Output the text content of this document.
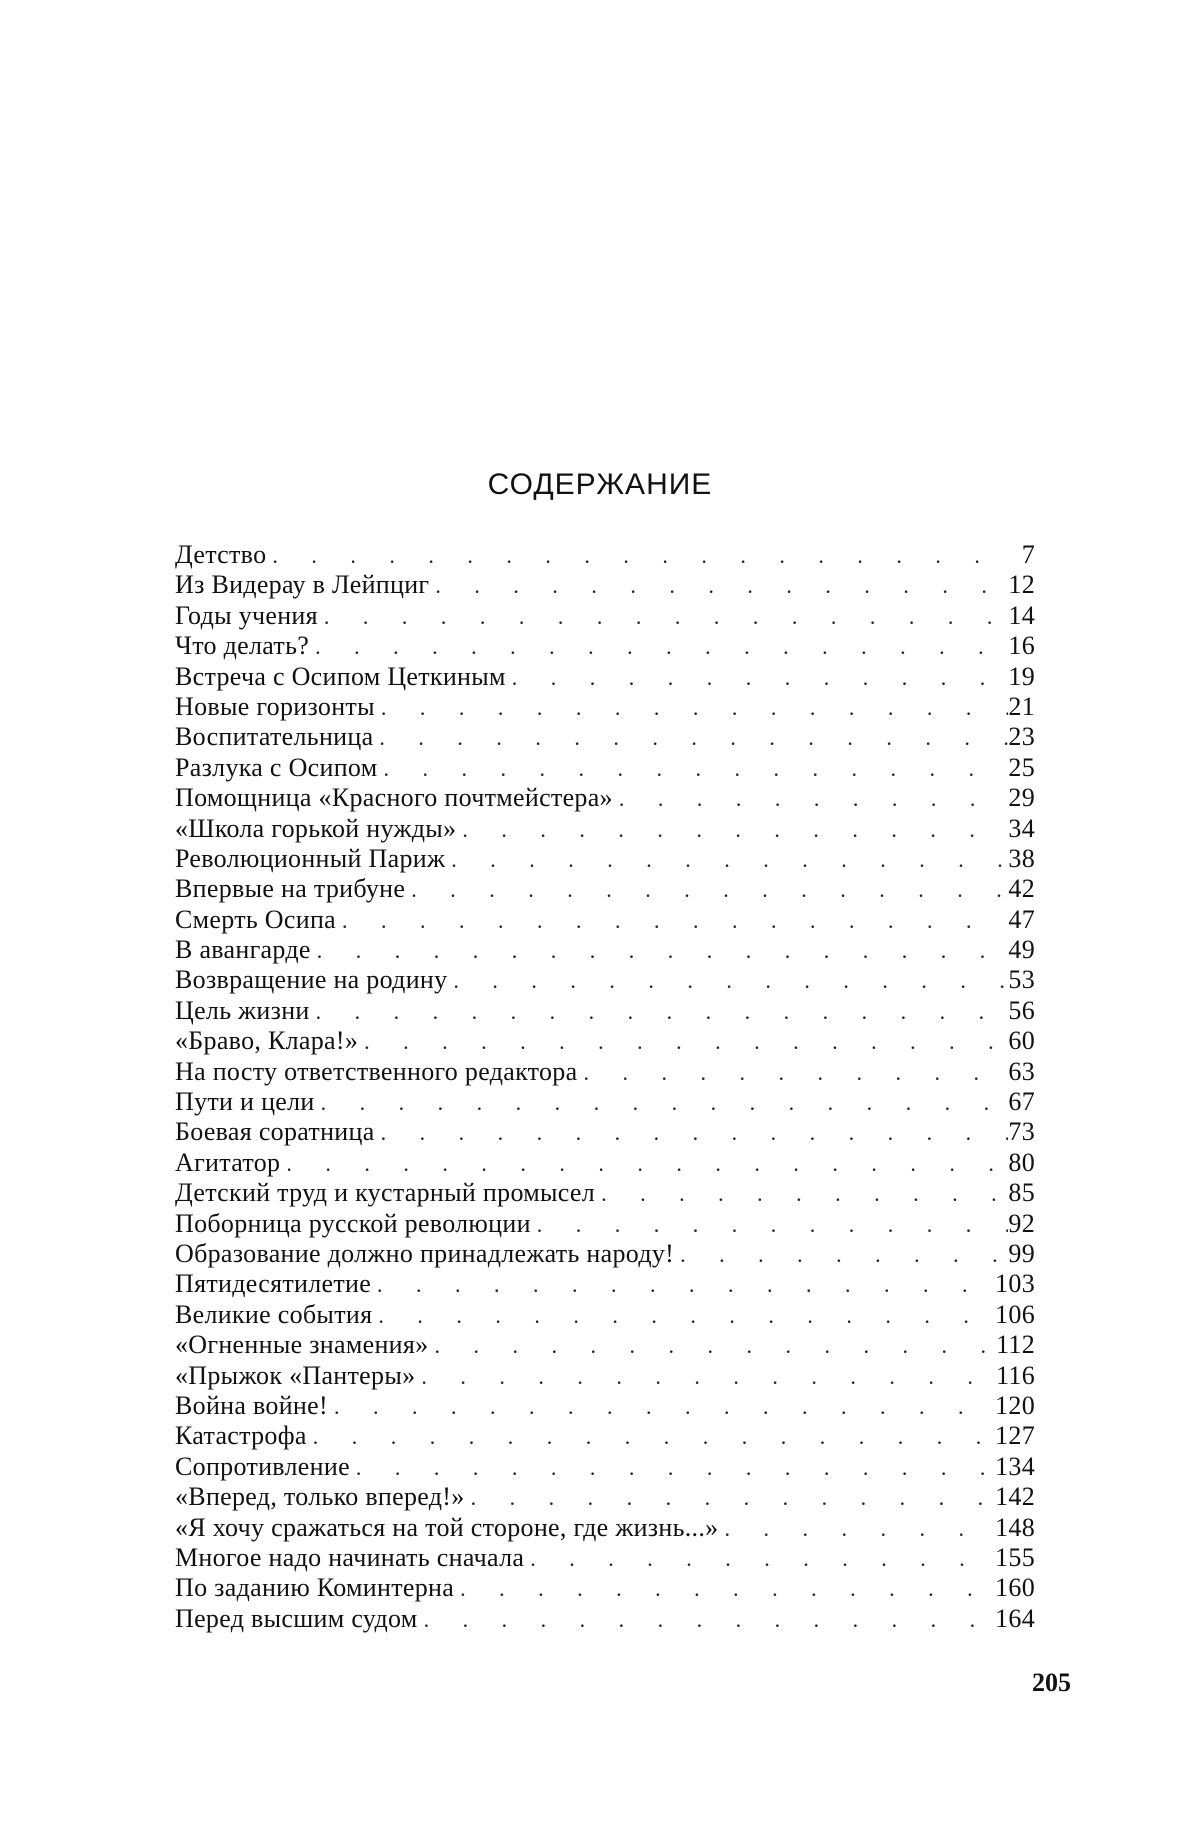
СОДЕРЖАНИЕ
Детство . . .	7
Из Видерау в Лейпциг . . .	12
Годы учения . . .	14
Что делать? . . .	16
Встреча с Осипом Цеткиным . . .	19
Новые горизонты . . .	21
Воспитательница . . .	23
Разлука с Осипом . . .	25
Помощница «Красного почтмейстера» . . .	29
«Школа горькой нужды» . . .	34
Революционный Париж . . .	38
Впервые на трибуне . . .	42
Смерть Осипа . . .	47
В авангарде . . .	49
Возвращение на родину . . .	53
Цель жизни . . .	56
«Браво, Клара!» . . .	60
На посту ответственного редактора . . .	63
Пути и цели . . .	67
Боевая соратница . . .	73
Агитатор . . .	80
Детский труд и кустарный промысел . . .	85
Поборница русской революции . . .	92
Образование должно принадлежать народу! . . .	99
Пятидесятилетие . . .	103
Великие события . . .	106
«Огненные знамения» . . .	112
«Прыжок «Пантеры» . . .	116
Война войне! . . .	120
Катастрофа . . .	127
Сопротивление . . .	134
«Вперед, только вперед!» . . .	142
«Я хочу сражаться на той стороне, где жизнь...» . . .	148
Многое надо начинать сначала . . .	155
По заданию Коминтерна . . .	160
Перед высшим судом . . .	164

205
